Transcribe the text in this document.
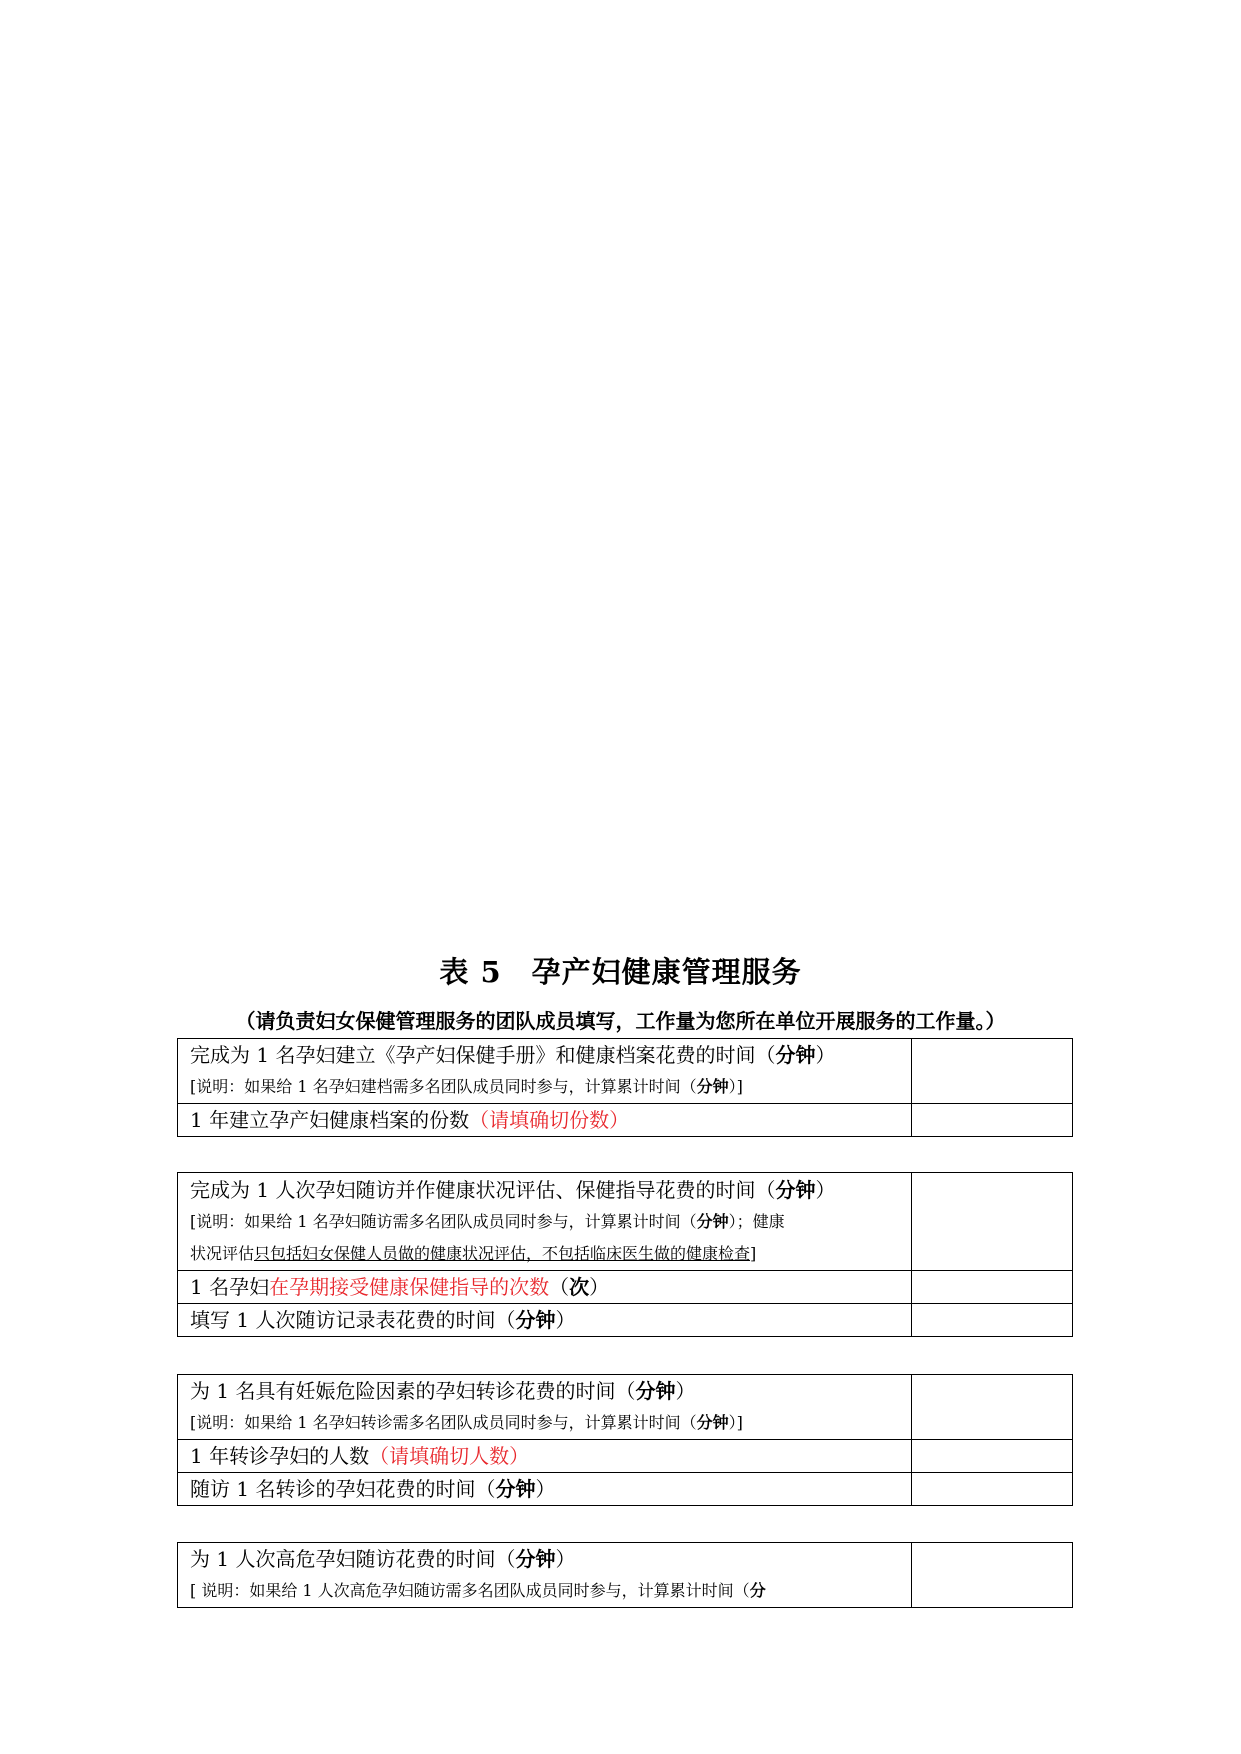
表 5　孕产妇健康管理服务
（请负责妇女保健管理服务的团队成员填写，工作量为您所在单位开展服务的工作量。）
完成为 1 名孕妇建立《孕产妇保健手册》和健康档案花费的时间（分钟）
[说明：如果给 1 名孕妇建档需多名团队成员同时参与，计算累计时间（分钟）]	

1 年建立孕产妇健康档案的份数（请填确切份数）	

完成为 1 人次孕妇随访并作健康状况评估、保健指导花费的时间（分钟）
[说明：如果给 1 名孕妇随访需多名团队成员同时参与，计算累计时间（分钟）；健康
状况评估只包括妇女保健人员做的健康状况评估，不包括临床医生做的健康检查]	

1 名孕妇在孕期接受健康保健指导的次数（次）	

填写 1 人次随访记录表花费的时间（分钟）	

为 1 名具有妊娠危险因素的孕妇转诊花费的时间（分钟）
[说明：如果给 1 名孕妇转诊需多名团队成员同时参与，计算累计时间（分钟）]	

1 年转诊孕妇的人数（请填确切人数）	

随访 1 名转诊的孕妇花费的时间（分钟）	

为 1 人次高危孕妇随访花费的时间（分钟）
[ 说明：如果给 1 人次高危孕妇随访需多名团队成员同时参与，计算累计时间（分
